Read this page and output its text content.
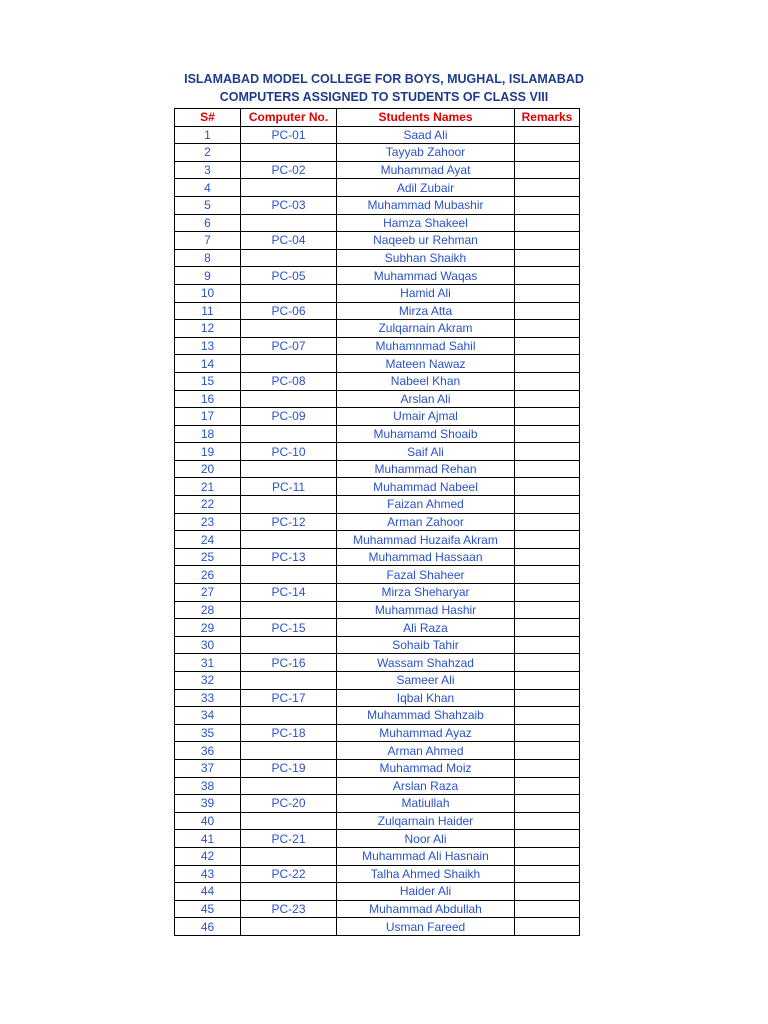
ISLAMABAD MODEL COLLEGE FOR BOYS, MUGHAL, ISLAMABAD
COMPUTERS ASSIGNED TO STUDENTS OF CLASS VIII
S#	Computer No.	Students Names	Remarks
1	PC-01	Saad Ali	
2		Tayyab Zahoor	
3	PC-02	Muhammad Ayat	
4		Adil Zubair	
5	PC-03	Muhammad Mubashir	
6		Hamza Shakeel	
7	PC-04	Naqeeb ur Rehman	
8		Subhan Shaikh	
9	PC-05	Muhammad Waqas	
10		Hamid Ali	
11	PC-06	Mirza Atta	
12		Zulqarnain Akram	
13	PC-07	Muhamnmad Sahil	
14		Mateen Nawaz	
15	PC-08	Nabeel Khan	
16		Arslan Ali	
17	PC-09	Umair Ajmal	
18		Muhamamd Shoaib	
19	PC-10	Saif Ali	
20		Muhammad Rehan	
21	PC-11	Muhammad Nabeel	
22		Faizan Ahmed	
23	PC-12	Arman Zahoor	
24		Muhammad Huzaifa Akram	
25	PC-13	Muhammad Hassaan	
26		Fazal Shaheer	
27	PC-14	Mirza Sheharyar	
28		Muhammad Hashir	
29	PC-15	Ali Raza	
30		Sohaib Tahir	
31	PC-16	Wassam Shahzad	
32		Sameer Ali	
33	PC-17	Iqbal Khan	
34		Muhammad Shahzaib	
35	PC-18	Muhammad Ayaz	
36		Arman Ahmed	
37	PC-19	Muhammad Moiz	
38		Arslan Raza	
39	PC-20	Matiullah	
40		Zulqarnain Haider	
41	PC-21	Noor Ali	
42		Muhammad Ali Hasnain	
43	PC-22	Talha Ahmed Shaikh	
44		Haider Ali	
45	PC-23	Muhammad Abdullah	
46		Usman Fareed	
